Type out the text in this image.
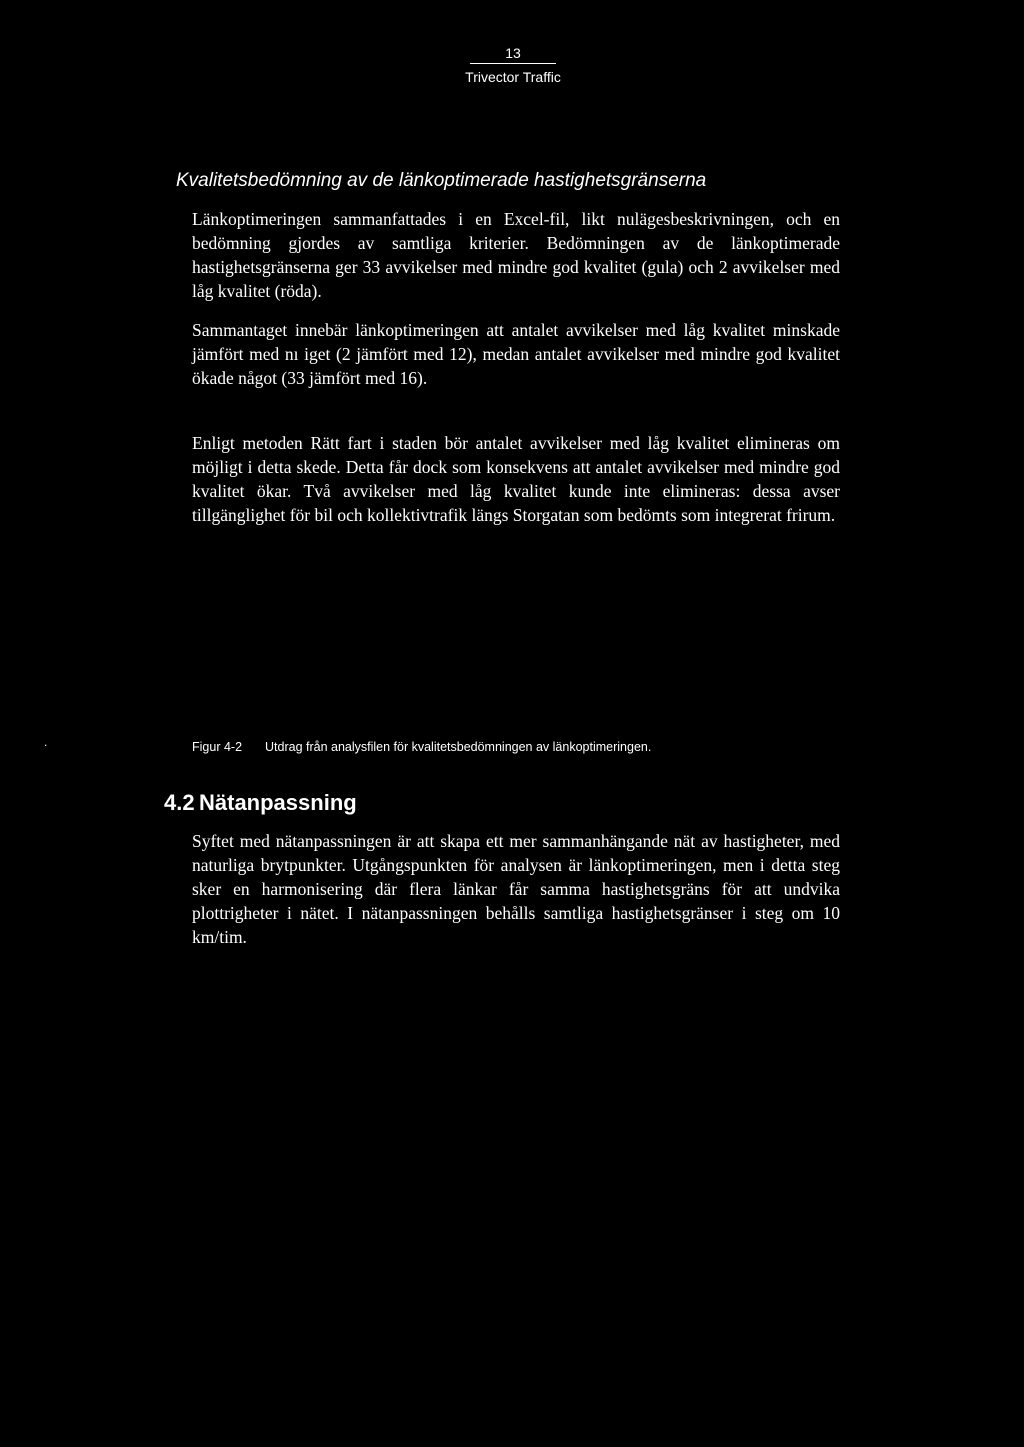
13
Trivector Traffic
Kvalitetsbedömning av de länkoptimerade hastighetsgränserna

Länkoptimeringen sammanfattades i en Excel-fil, likt nulägesbeskrivningen, och en bedömning gjordes av samtliga kriterier. Bedömningen av de länkoptimerade hastighetsgränserna ger 33 avvikelser med mindre god kvalitet (gula) och 2 avvikelser med låg kvalitet (röda).

Sammantaget innebär länkoptimeringen att antalet avvikelser med låg kvalitet minskade jämfört med nı iget (2 jämfört med 12), medan antalet avvikelser med mindre god kvalitet ökade något (33 jämfört med 16).

Enligt metoden Rätt fart i staden bör antalet avvikelser med låg kvalitet elimineras om möjligt i detta skede. Detta får dock som konsekvens att antalet avvikelser med mindre god kvalitet ökar. Två avvikelser med låg kvalitet kunde inte elimineras: dessa avser tillgänglighet för bil och kollektivtrafik längs Storgatan som bedömts som integrerat frirum.

.	Figur 4-2 Utdrag från analysfilen för kvalitetsbedömningen av länkoptimeringen.
4.2 Nätanpassning

Syftet med nätanpassningen är att skapa ett mer sammanhängande nät av hastigheter, med naturliga brytpunkter. Utgångspunkten för analysen är länkoptimeringen, men i detta steg sker en harmonisering där flera länkar får samma hastighetsgräns för att undvika plottrigheter i nätet. I nätanpassningen behålls samtliga hastighetsgränser i steg om 10 km/tim.
